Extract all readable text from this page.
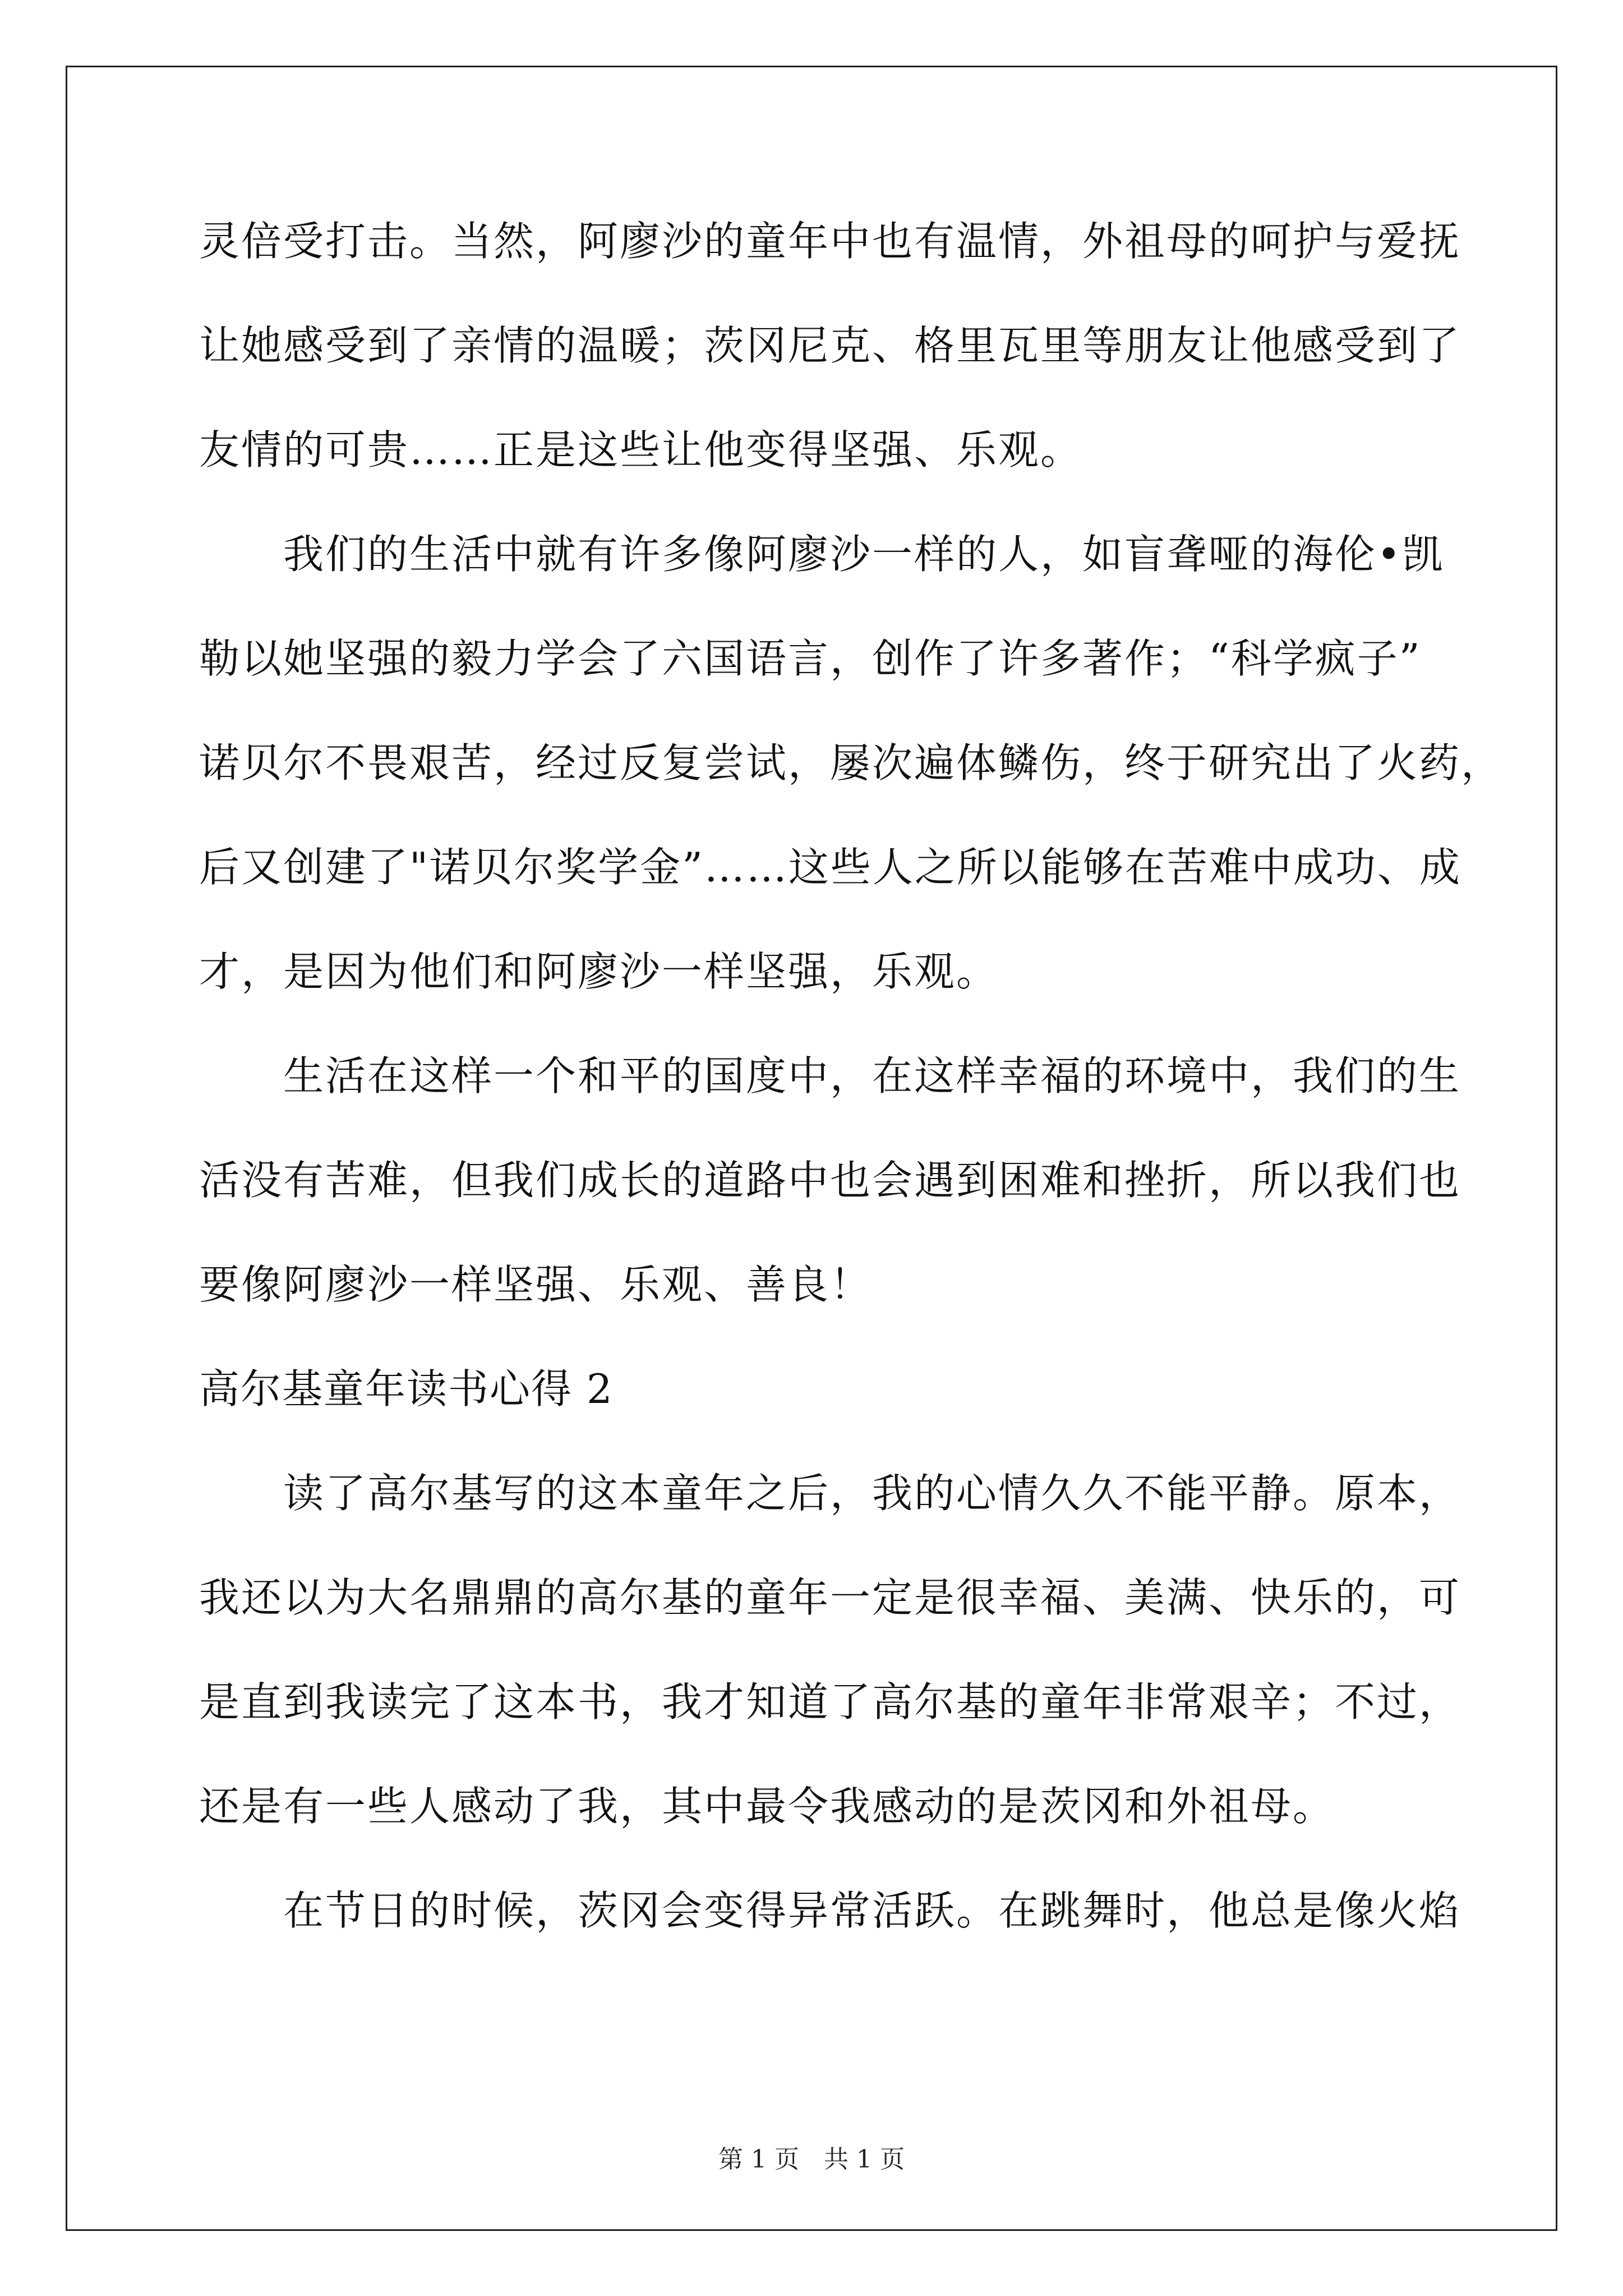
灵倍受打击。当然，阿廖沙的童年中也有温情，外祖母的呵护与爱抚
让她感受到了亲情的温暖；茨冈尼克、格里瓦里等朋友让他感受到了
友情的可贵……正是这些让他变得坚强、乐观。
我们的生活中就有许多像阿廖沙一样的人，如盲聋哑的海伦•凯
勒以她坚强的毅力学会了六国语言，创作了许多著作；“科学疯子”
诺贝尔不畏艰苦，经过反复尝试，屡次遍体鳞伤，终于研究出了火药，
后又创建了"诺贝尔奖学金”……这些人之所以能够在苦难中成功、成
才，是因为他们和阿廖沙一样坚强，乐观。
生活在这样一个和平的国度中，在这样幸福的环境中，我们的生
活没有苦难，但我们成长的道路中也会遇到困难和挫折，所以我们也
要像阿廖沙一样坚强、乐观、善良！
高尔基童年读书心得 2
读了高尔基写的这本童年之后，我的心情久久不能平静。原本，
我还以为大名鼎鼎的高尔基的童年一定是很幸福、美满、快乐的，可
是直到我读完了这本书，我才知道了高尔基的童年非常艰辛；不过，
还是有一些人感动了我，其中最令我感动的是茨冈和外祖母。
在节日的时候，茨冈会变得异常活跃。在跳舞时，他总是像火焰
第 1 页　共 1 页
